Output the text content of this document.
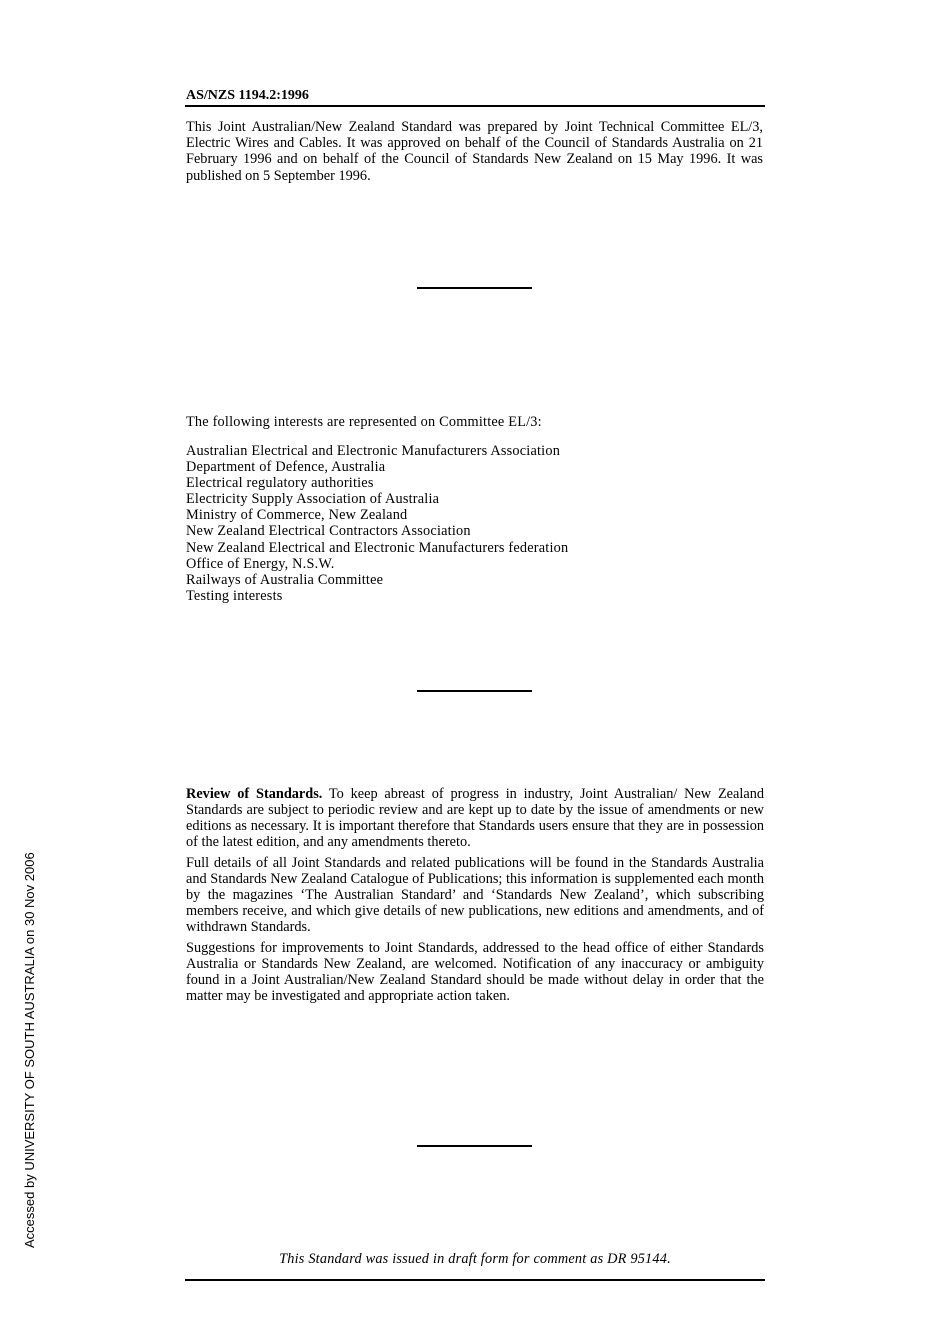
AS/NZS 1194.2:1996

This Joint Australian/New Zealand Standard was prepared by Joint Technical Committee EL/3, Electric Wires and Cables. It was approved on behalf of the Council of Standards Australia on 21 February 1996 and on behalf of the Council of Standards New Zealand on 15 May 1996. It was published on 5 September 1996.

The following interests are represented on Committee EL/3:

Australian Electrical and Electronic Manufacturers Association
Department of Defence, Australia
Electrical regulatory authorities
Electricity Supply Association of Australia
Ministry of Commerce, New Zealand
New Zealand Electrical Contractors Association
New Zealand Electrical and Electronic Manufacturers federation
Office of Energy, N.S.W.
Railways of Australia Committee
Testing interests

Review of Standards. To keep abreast of progress in industry, Joint Australian/ New Zealand Standards are subject to periodic review and are kept up to date by the issue of amendments or new editions as necessary. It is important therefore that Standards users ensure that they are in possession of the latest edition, and any amendments thereto.

Full details of all Joint Standards and related publications will be found in the Standards Australia and Standards New Zealand Catalogue of Publications; this information is supplemented each month by the magazines ‘The Australian Standard’ and ‘Standards New Zealand’, which subscribing members receive, and which give details of new publications, new editions and amendments, and of withdrawn Standards.

Suggestions for improvements to Joint Standards, addressed to the head office of either Standards Australia or Standards New Zealand, are welcomed. Notification of any inaccuracy or ambiguity found in a Joint Australian/New Zealand Standard should be made without delay in order that the matter may be investigated and appropriate action taken.

This Standard was issued in draft form for comment as DR 95144.

Accessed by UNIVERSITY OF SOUTH AUSTRALIA on 30 Nov 2006
